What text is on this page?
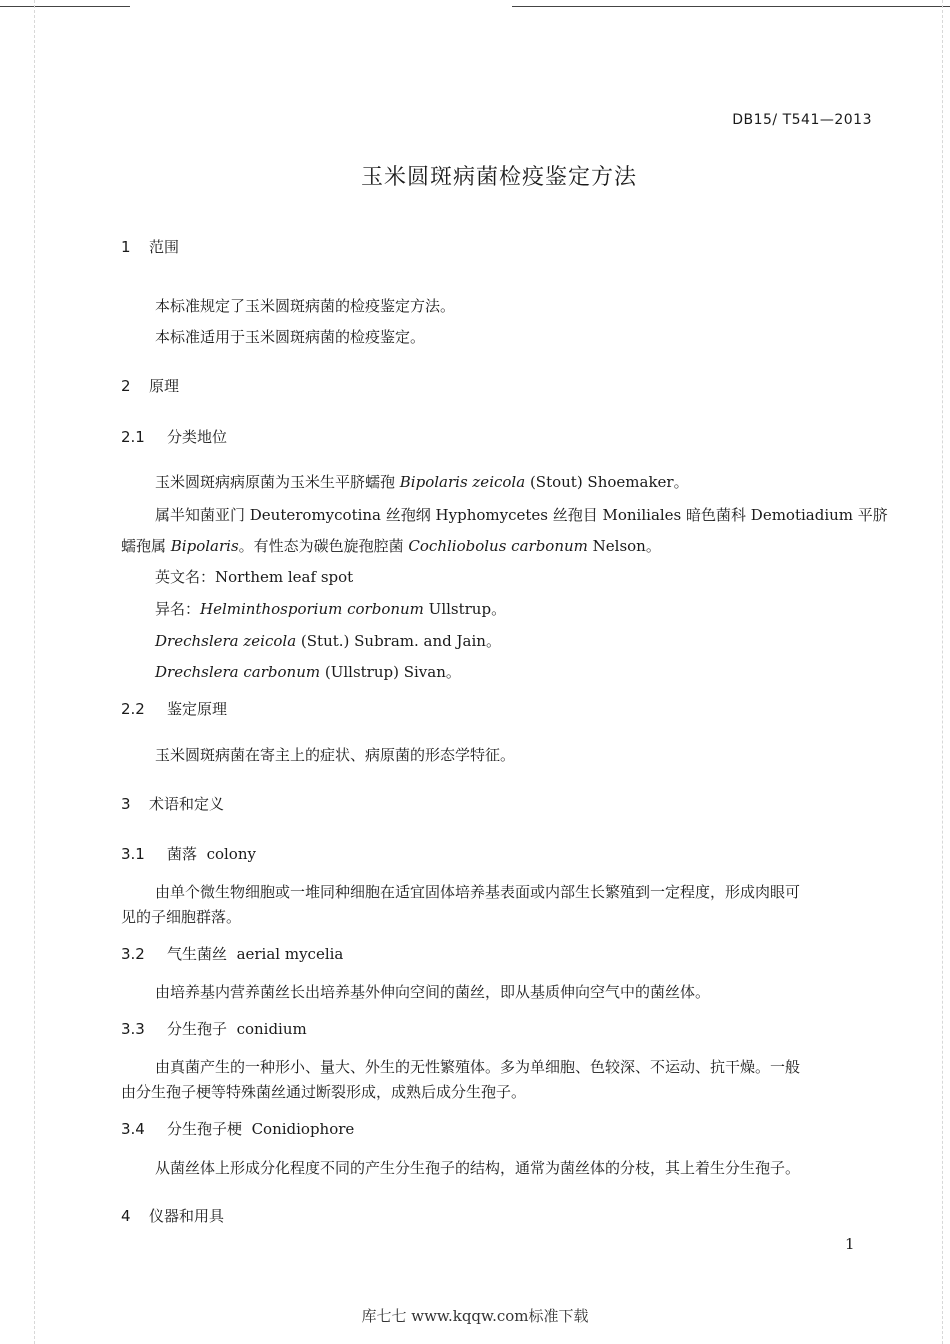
DB15/ T541—2013
玉米圆斑病菌检疫鉴定方法
1 范围
本标准规定了玉米圆斑病菌的检疫鉴定方法。
本标准适用于玉米圆斑病菌的检疫鉴定。
2 原理
2.1 分类地位
玉米圆斑病病原菌为玉米生平脐蠕孢 Bipolaris zeicola (Stout) Shoemaker。
属半知菌亚门 Deuteromycotina 丝孢纲 Hyphomycetes 丝孢目 Moniliales 暗色菌科 Demotiadium 平脐
蠕孢属 Bipolaris。有性态为碳色旋孢腔菌 Cochliobolus carbonum Nelson。
英文名：Northem leaf spot
异名：Helminthosporium corbonum Ullstrup。
Drechslera zeicola (Stut.) Subram. and Jain。
Drechslera carbonum (Ullstrup) Sivan。
2.2 鉴定原理
玉米圆斑病菌在寄主上的症状、病原菌的形态学特征。
3 术语和定义
3.1 菌落 colony
由单个微生物细胞或一堆同种细胞在适宜固体培养基表面或内部生长繁殖到一定程度，形成肉眼可
见的子细胞群落。
3.2 气生菌丝 aerial mycelia
由培养基内营养菌丝长出培养基外伸向空间的菌丝，即从基质伸向空气中的菌丝体。
3.3 分生孢子 conidium
由真菌产生的一种形小、量大、外生的无性繁殖体。多为单细胞、色较深、不运动、抗干燥。一般
由分生孢子梗等特殊菌丝通过断裂形成，成熟后成分生孢子。
3.4 分生孢子梗 Conidiophore
从菌丝体上形成分化程度不同的产生分生孢子的结构，通常为菌丝体的分枝，其上着生分生孢子。
4 仪器和用具
1
库七七 www.kqqw.com标准下载
